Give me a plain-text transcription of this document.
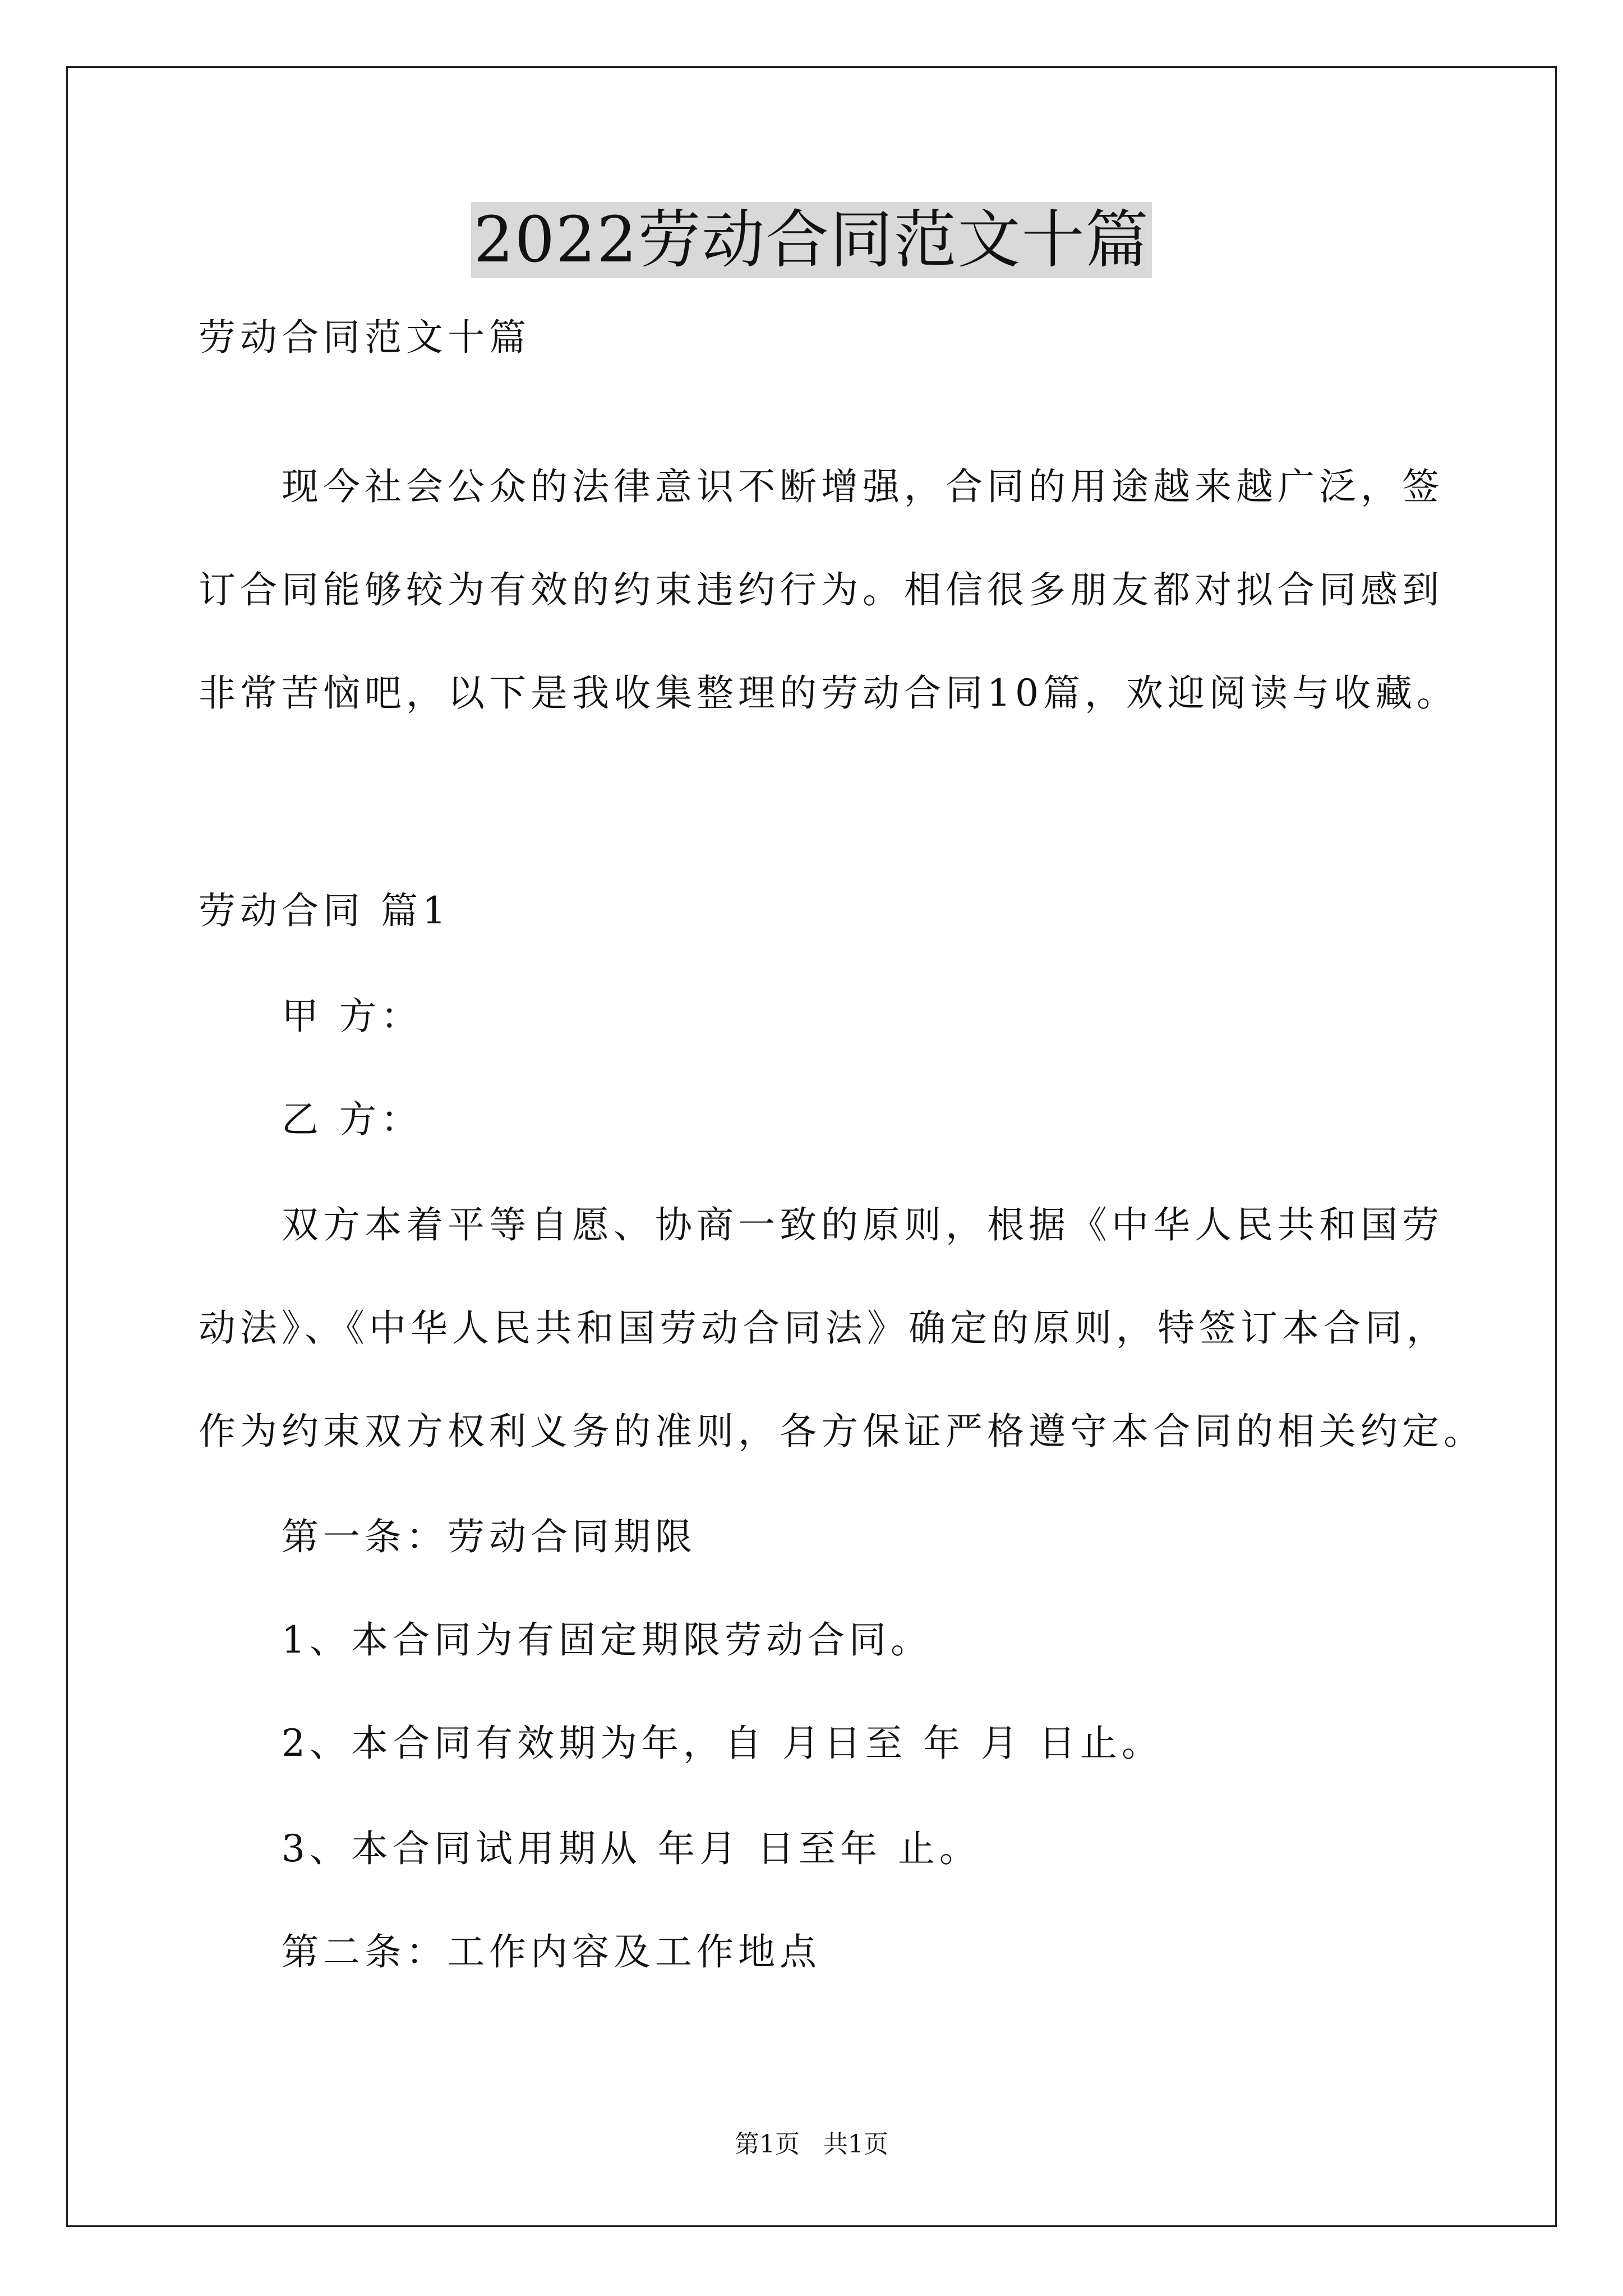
2022劳动合同范文十篇
劳动合同范文十篇
现今社会公众的法律意识不断增强，合同的用途越来越广泛，签
订合同能够较为有效的约束违约行为。相信很多朋友都对拟合同感到
非常苦恼吧，以下是我收集整理的劳动合同10篇，欢迎阅读与收藏。
劳动合同 篇1
甲 方：
乙 方：
双方本着平等自愿、协商一致的原则，根据《中华人民共和国劳
动法》、《中华人民共和国劳动合同法》确定的原则，特签订本合同，
作为约束双方权利义务的准则，各方保证严格遵守本合同的相关约定。
第一条：劳动合同期限
1、本合同为有固定期限劳动合同。
2、本合同有效期为年，自 月日至 年 月 日止。
3、本合同试用期从 年月 日至年 止。
第二条：工作内容及工作地点
第1页   共1页
